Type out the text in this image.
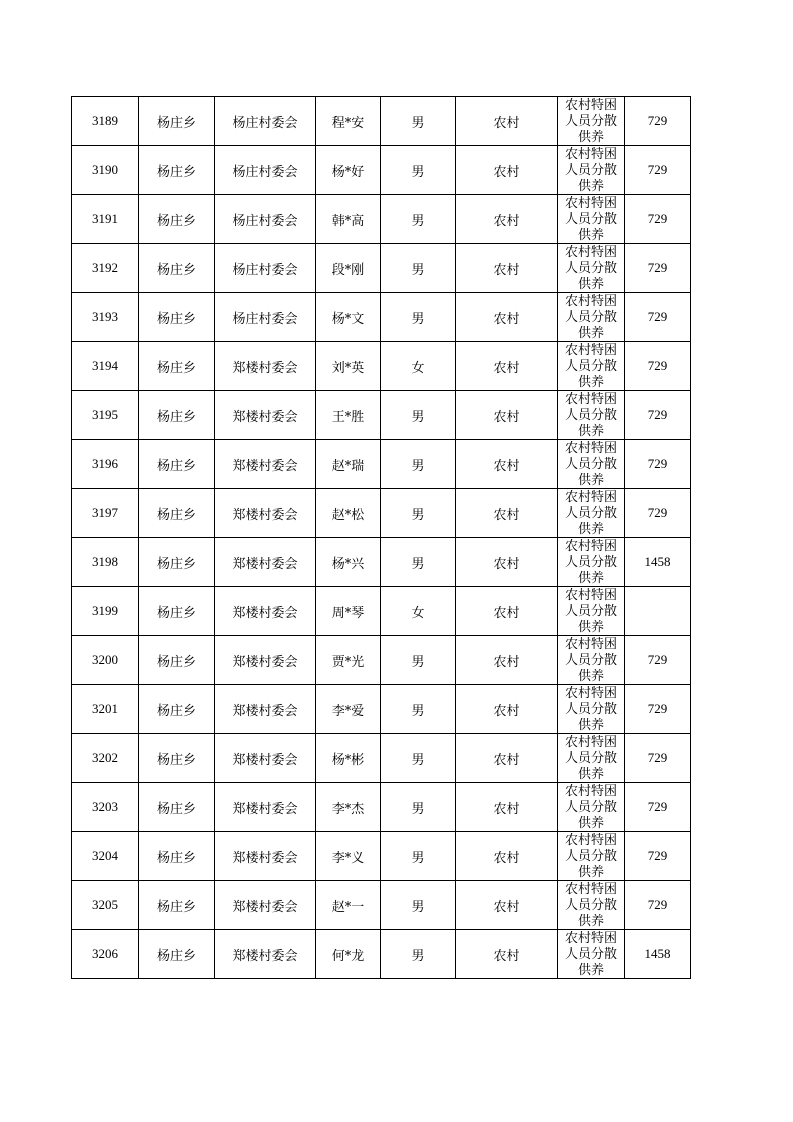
3189	杨庄乡	杨庄村委会	程*安	男	农村	农村特困人员分散供养	729
3190	杨庄乡	杨庄村委会	杨*好	男	农村	农村特困人员分散供养	729
3191	杨庄乡	杨庄村委会	韩*高	男	农村	农村特困人员分散供养	729
3192	杨庄乡	杨庄村委会	段*刚	男	农村	农村特困人员分散供养	729
3193	杨庄乡	杨庄村委会	杨*文	男	农村	农村特困人员分散供养	729
3194	杨庄乡	郑楼村委会	刘*英	女	农村	农村特困人员分散供养	729
3195	杨庄乡	郑楼村委会	王*胜	男	农村	农村特困人员分散供养	729
3196	杨庄乡	郑楼村委会	赵*瑞	男	农村	农村特困人员分散供养	729
3197	杨庄乡	郑楼村委会	赵*松	男	农村	农村特困人员分散供养	729
3198	杨庄乡	郑楼村委会	杨*兴	男	农村	农村特困人员分散供养	1458
3199	杨庄乡	郑楼村委会	周*琴	女	农村	农村特困人员分散供养	

3200	杨庄乡	郑楼村委会	贾*光	男	农村	农村特困人员分散供养	729
3201	杨庄乡	郑楼村委会	李*爱	男	农村	农村特困人员分散供养	729
3202	杨庄乡	郑楼村委会	杨*彬	男	农村	农村特困人员分散供养	729
3203	杨庄乡	郑楼村委会	李*杰	男	农村	农村特困人员分散供养	729
3204	杨庄乡	郑楼村委会	李*义	男	农村	农村特困人员分散供养	729
3205	杨庄乡	郑楼村委会	赵*一	男	农村	农村特困人员分散供养	729
3206	杨庄乡	郑楼村委会	何*龙	男	农村	农村特困人员分散供养	1458
